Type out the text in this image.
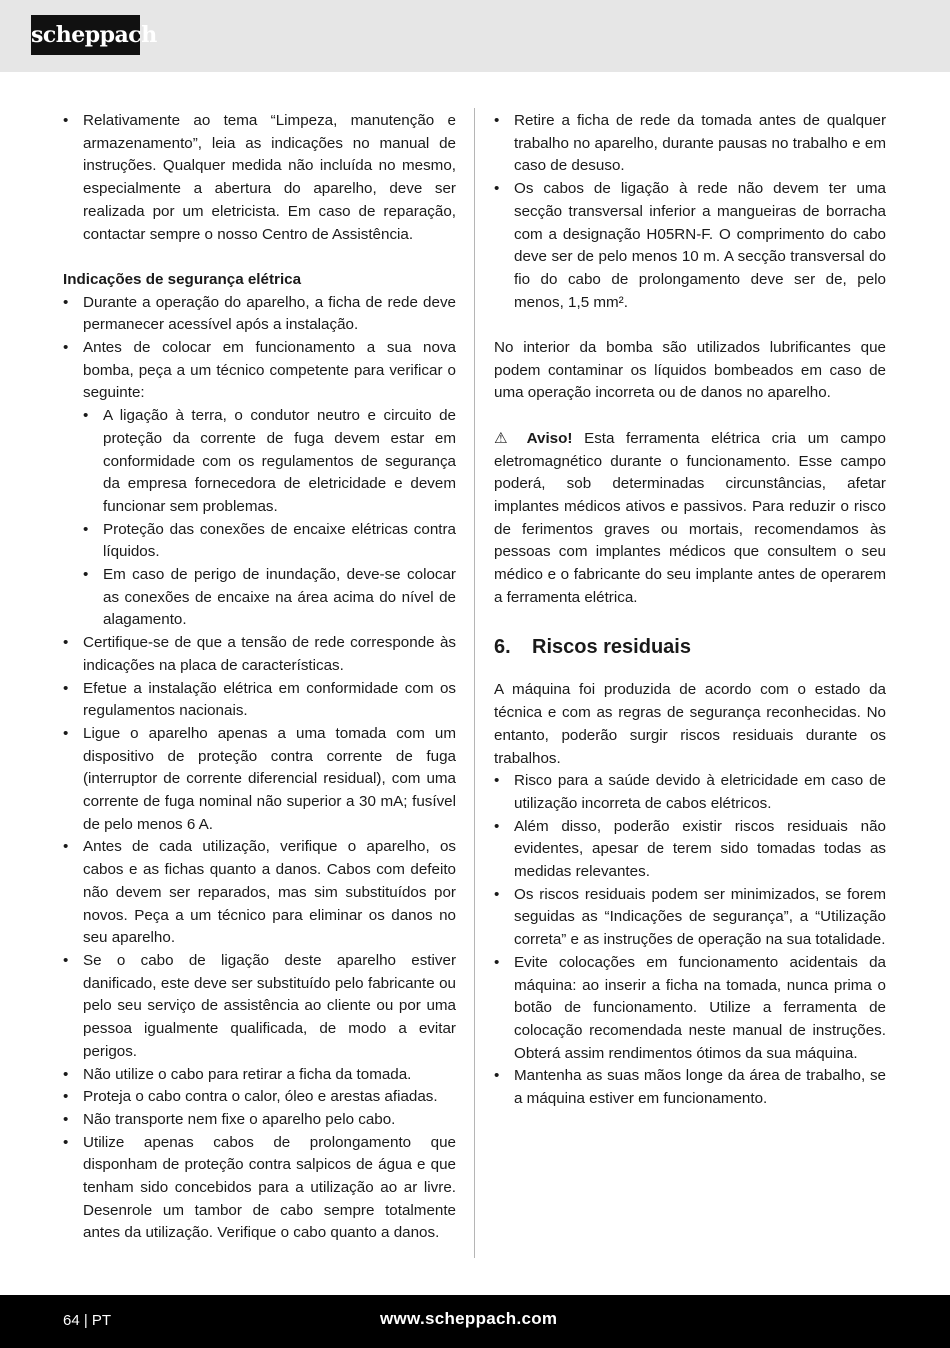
scheppach
• Relativamente ao tema “Limpeza, manutenção e armazenamento”, leia as indicações no manual de instruções. Qualquer medida não incluída no mesmo, especialmente a abertura do aparelho, deve ser realizada por um eletricista. Em caso de reparação, contactar sempre o nosso Centro de Assistência.

Indicações de segurança elétrica

• Durante a operação do aparelho, a ficha de rede deve permanecer acessível após a instalação.
• Antes de colocar em funcionamento a sua nova bomba, peça a um técnico competente para verificar o seguinte:
• A ligação à terra, o condutor neutro e circuito de proteção da corrente de fuga devem estar em conformidade com os regulamentos de segurança da empresa fornecedora de eletricidade e devem funcionar sem problemas.
• Proteção das conexões de encaixe elétricas contra líquidos.
• Em caso de perigo de inundação, deve-se colocar as conexões de encaixe na área acima do nível de alagamento.
• Certifique-se de que a tensão de rede corresponde às indicações na placa de características.
• Efetue a instalação elétrica em conformidade com os regulamentos nacionais.
• Ligue o aparelho apenas a uma tomada com um dispositivo de proteção contra corrente de fuga (interruptor de corrente diferencial residual), com uma corrente de fuga nominal não superior a 30 mA; fusível de pelo menos 6 A.
• Antes de cada utilização, verifique o aparelho, os cabos e as fichas quanto a danos. Cabos com defeito não devem ser reparados, mas sim substituídos por novos. Peça a um técnico para eliminar os danos no seu aparelho.
• Se o cabo de ligação deste aparelho estiver danificado, este deve ser substituído pelo fabricante ou pelo seu serviço de assistência ao cliente ou por uma pessoa igualmente qualificada, de modo a evitar perigos.
• Não utilize o cabo para retirar a ficha da tomada.
• Proteja o cabo contra o calor, óleo e arestas afiadas.
• Não transporte nem fixe o aparelho pelo cabo.
• Utilize apenas cabos de prolongamento que disponham de proteção contra salpicos de água e que tenham sido concebidos para a utilização ao ar livre. Desenrole um tambor de cabo sempre totalmente antes da utilização. Verifique o cabo quanto a danos.
• Retire a ficha de rede da tomada antes de qualquer trabalho no aparelho, durante pausas no trabalho e em caso de desuso.
• Os cabos de ligação à rede não devem ter uma secção transversal inferior a mangueiras de borracha com a designação H05RN-F. O comprimento do cabo deve ser de pelo menos 10 m. A secção transversal do fio do cabo de prolongamento deve ser de, pelo menos, 1,5 mm².

No interior da bomba são utilizados lubrificantes que podem contaminar os líquidos bombeados em caso de uma operação incorreta ou de danos no aparelho.

⚠ Aviso! Esta ferramenta elétrica cria um campo eletromagnético durante o funcionamento. Esse campo poderá, sob determinadas circunstâncias, afetar implantes médicos ativos e passivos. Para reduzir o risco de ferimentos graves ou mortais, recomendamos às pessoas com implantes médicos que consultem o seu médico e o fabricante do seu implante antes de operarem a ferramenta elétrica.

6. Riscos residuais

A máquina foi produzida de acordo com o estado da técnica e com as regras de segurança reconhecidas. No entanto, poderão surgir riscos residuais durante os trabalhos.

• Risco para a saúde devido à eletricidade em caso de utilização incorreta de cabos elétricos.
• Além disso, poderão existir riscos residuais não evidentes, apesar de terem sido tomadas todas as medidas relevantes.
• Os riscos residuais podem ser minimizados, se forem seguidas as “Indicações de segurança”, a “Utilização correta” e as instruções de operação na sua totalidade.
• Evite colocações em funcionamento acidentais da máquina: ao inserir a ficha na tomada, nunca prima o botão de funcionamento. Utilize a ferramenta de colocação recomendada neste manual de instruções. Obterá assim rendimentos ótimos da sua máquina.
• Mantenha as suas mãos longe da área de trabalho, se a máquina estiver em funcionamento.
64 | PT	www.scheppach.com
